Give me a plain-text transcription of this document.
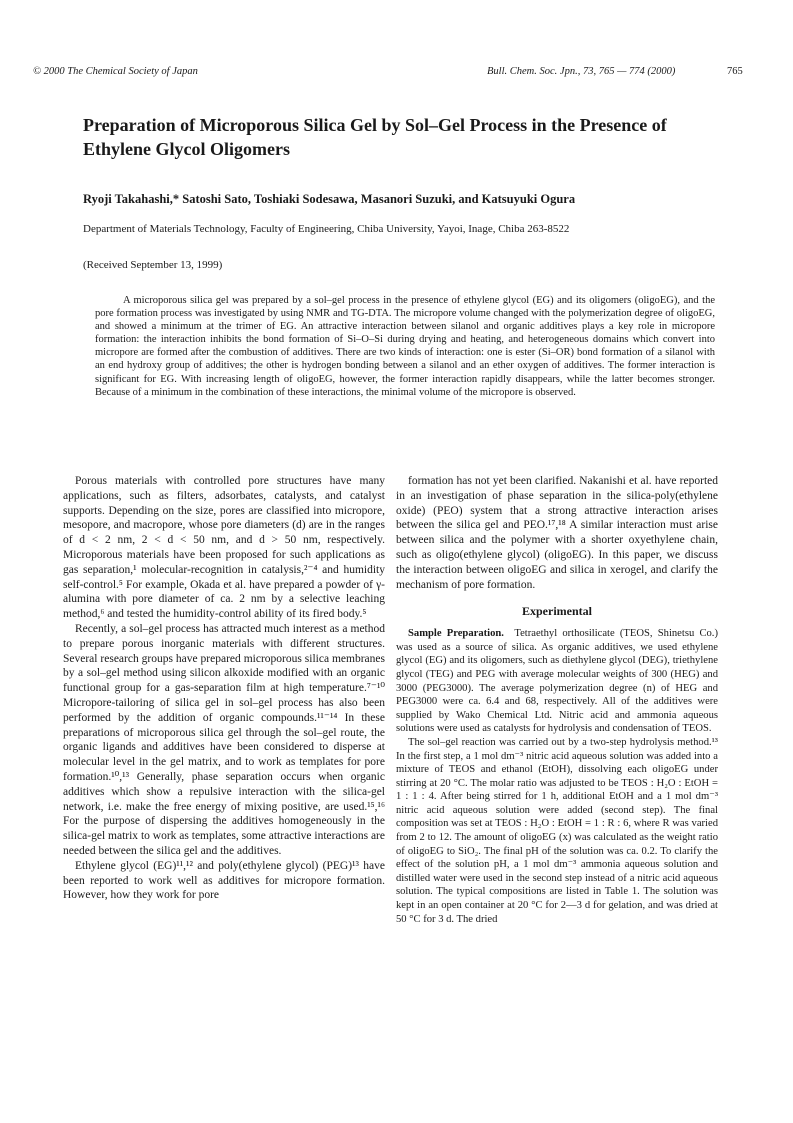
© 2000 The Chemical Society of Japan	Bull. Chem. Soc. Jpn., 73, 765 — 774 (2000)	765
Preparation of Microporous Silica Gel by Sol–Gel Process in the Presence of Ethylene Glycol Oligomers

Ryoji Takahashi,* Satoshi Sato, Toshiaki Sodesawa, Masanori Suzuki, and Katsuyuki Ogura

Department of Materials Technology, Faculty of Engineering, Chiba University, Yayoi, Inage, Chiba 263-8522

(Received September 13, 1999)

A microporous silica gel was prepared by a sol–gel process in the presence of ethylene glycol (EG) and its oligomers (oligoEG), and the pore formation process was investigated by using NMR and TG-DTA. The micropore volume changed with the polymerization degree of oligoEG, and showed a minimum at the trimer of EG. An attractive interaction between silanol and organic additives plays a key role in micropore formation: the interaction inhibits the bond formation of Si–O–Si during drying and heating, and heterogeneous domains which convert into micropore are formed after the combustion of additives. There are two kinds of interaction: one is ester (Si–OR) bond formation of a silanol with an end hydroxy group of additives; the other is hydrogen bonding between a silanol and an ether oxygen of additives. The former interaction is significant for EG. With increasing length of oligoEG, however, the former interaction rapidly disappears, while the latter becomes stronger. Because of a minimum in the combination of these interactions, the minimal volume of the micropore is observed.

Porous materials with controlled pore structures have many applications, such as filters, adsorbates, catalysts, and catalyst supports. Depending on the size, pores are classified into micropore, mesopore, and macropore, whose pore diameters (d) are in the ranges of d < 2 nm, 2 < d < 50 nm, and d > 50 nm, respectively. Microporous materials have been proposed for such applications as gas separation,¹ molecular-recognition in catalysis,²⁻⁴ and humidity self-control.⁵ For example, Okada et al. have prepared a powder of γ-alumina with pore diameter of ca. 2 nm by a selective leaching method,⁶ and tested the humidity-control ability of its fired body.⁵

Recently, a sol–gel process has attracted much interest as a method to prepare porous inorganic materials with different structures. Several research groups have prepared microporous silica membranes by a sol–gel method using silicon alkoxide modified with an organic functional group for a gas-separation film at high temperature.⁷⁻¹⁰ Micropore-tailoring of silica gel in sol–gel process has also been performed by the addition of organic compounds.¹¹⁻¹⁴ In these preparations of microporous silica gel through the sol–gel route, the organic ligands and additives have been considered to disperse at molecular level in the gel matrix, and to work as templates for pore formation.¹⁰,¹³ Generally, phase separation occurs when organic additives which show a repulsive interaction with the silica-gel network, i.e. make the free energy of mixing positive, are used.¹⁵,¹⁶ For the purpose of dispersing the additives homogeneously in the silica-gel matrix to work as templates, some attractive interactions are needed between the silica gel and the additives.

Ethylene glycol (EG)¹¹,¹² and poly(ethylene glycol) (PEG)¹³ have been reported to work well as additives for micropore formation. However, how they work for pore

formation has not yet been clarified. Nakanishi et al. have reported in an investigation of phase separation in the silica-poly(ethylene oxide) (PEO) system that a strong attractive interaction arises between the silica gel and PEO.¹⁷,¹⁸ A similar interaction must arise between silica and the polymer with a shorter oxyethylene chain, such as oligo(ethylene glycol) (oligoEG). In this paper, we discuss the interaction between oligoEG and silica in xerogel, and clarify the mechanism of pore formation.

Experimental

Sample Preparation. Tetraethyl orthosilicate (TEOS, Shinetsu Co.) was used as a source of silica. As organic additives, we used ethylene glycol (EG) and its oligomers, such as diethylene glycol (DEG), triethylene glycol (TEG) and PEG with average molecular weights of 300 (HEG) and 3000 (PEG3000). The average polymerization degree (n) of HEG and PEG3000 were ca. 6.4 and 68, respectively. All of the additives were supplied by Wako Chemical Ltd. Nitric acid and ammonia aqueous solutions were used as catalysts for hydrolysis and condensation of TEOS.

The sol–gel reaction was carried out by a two-step hydrolysis method.¹³ In the first step, a 1 mol dm⁻³ nitric acid aqueous solution was added into a mixture of TEOS and ethanol (EtOH), dissolving each oligoEG under stirring at 20 °C. The molar ratio was adjusted to be TEOS : H₂O : EtOH = 1 : 1 : 4. After being stirred for 1 h, additional EtOH and a 1 mol dm⁻³ nitric acid aqueous solution were added (second step). The final composition was set at TEOS : H₂O : EtOH = 1 : R : 6, where R was varied from 2 to 12. The amount of oligoEG (x) was calculated as the weight ratio of oligoEG to SiO₂. The final pH of the solution was ca. 0.2. To clarify the effect of the solution pH, a 1 mol dm⁻³ ammonia aqueous solution and distilled water were used in the second step instead of a nitric acid aqueous solution. The typical compositions are listed in Table 1. The solution was kept in an open container at 20 °C for 2—3 d for gelation, and was dried at 50 °C for 3 d. The dried
